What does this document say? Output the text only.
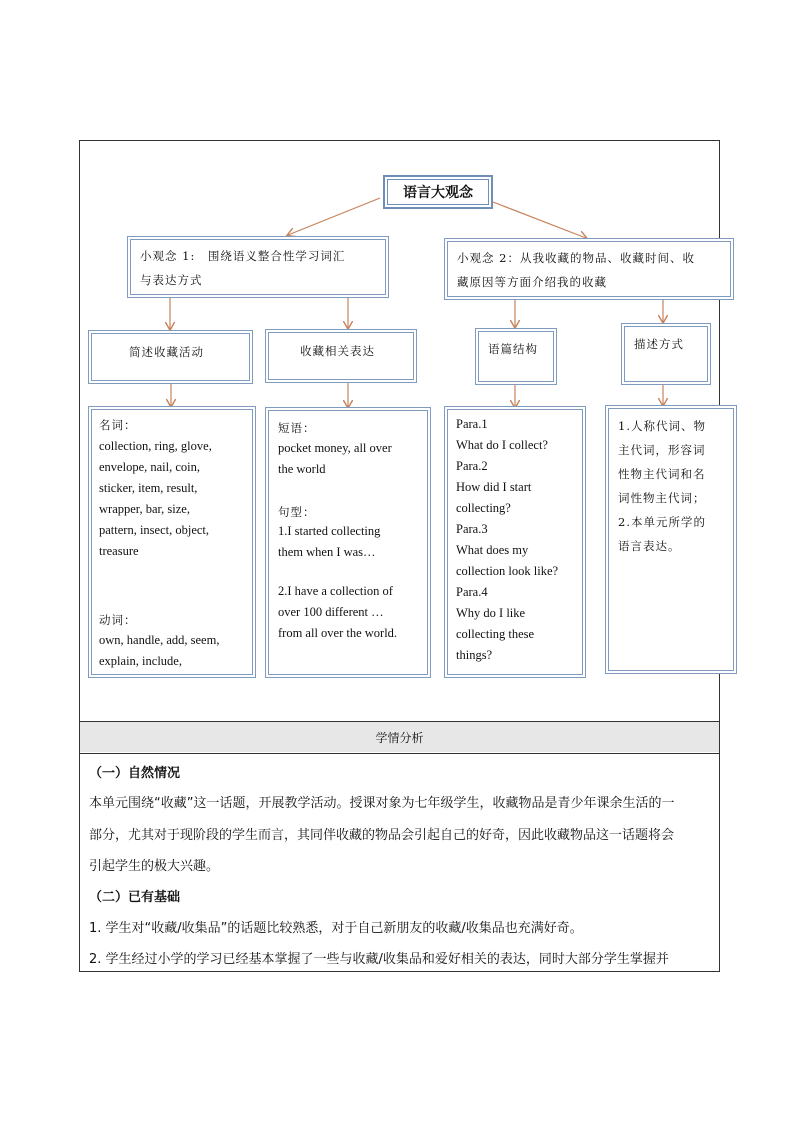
语言大观念
小观念 1:　围绕语义整合性学习词汇
与表达方式
小观念 2：从我收藏的物品、收藏时间、收
藏原因等方面介绍我的收藏
简述收藏活动	收藏相关表达	语篇结构	描述方式
名词：
collection, ring, glove,
envelope, nail, coin,
sticker, item, result,
wrapper, bar, size,
pattern, insect, object,
treasure
动词：
own, handle, add, seem,
explain, include,
短语：
pocket money, all over
the world
句型：
1.I started collecting
them when I was…
2.I have a collection of
over 100 different …
from all over the world.
Para.1
What do I collect?
Para.2
How did I start
collecting?
Para.3
What does my
collection look like?
Para.4
Why do I like
collecting these
things?
1.人称代词、物
主代词，形容词
性物主代词和名
词性物主代词；
2.本单元所学的
语言表达。
学情分析
（一）自然情况
本单元围绕“收藏”这一话题，开展教学活动。授课对象为七年级学生，收藏物品是青少年课余生活的一
部分，尤其对于现阶段的学生而言，其同伴收藏的物品会引起自己的好奇，因此收藏物品这一话题将会
引起学生的极大兴趣。
（二）已有基础
1. 学生对“收藏/收集品”的话题比较熟悉，对于自己新朋友的收藏/收集品也充满好奇。
2. 学生经过小学的学习已经基本掌握了一些与收藏/收集品和爱好相关的表达，同时大部分学生掌握并
